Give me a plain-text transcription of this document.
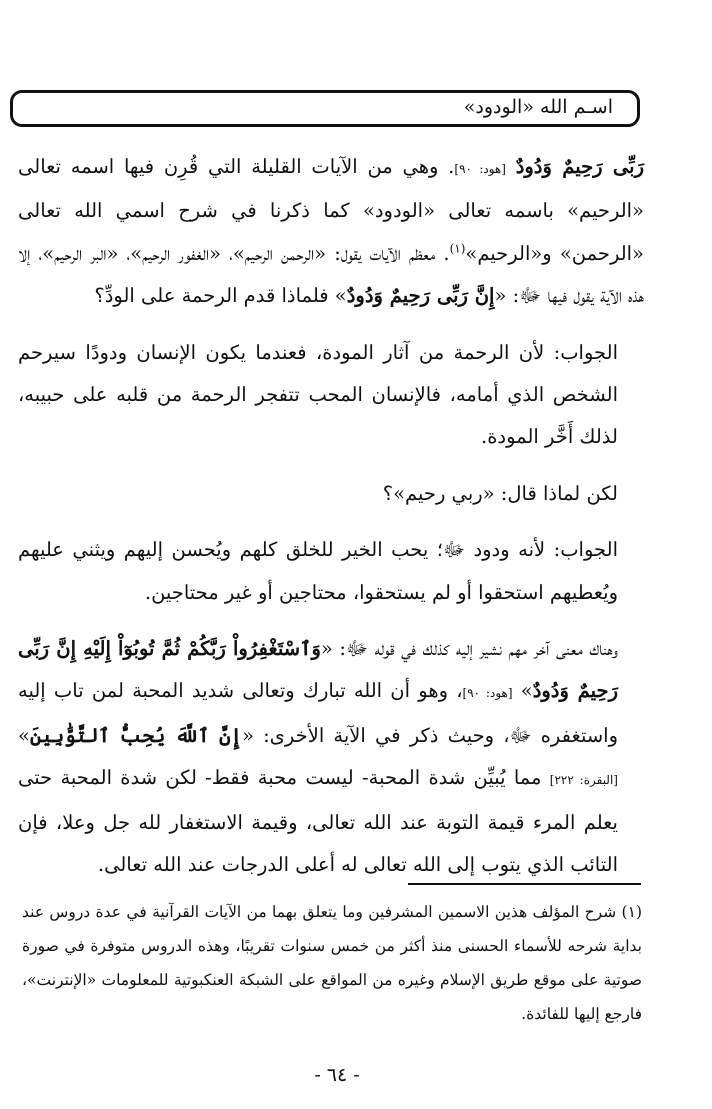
اسـم الله «الودود»

رَبِّى رَحِيمٌ وَدُودٌ [هود: ٩٠]. وهي من الآيات القليلة التي قُرِن فيها اسمه تعالى «الرحيم» باسمه تعالى «الودود» كما ذكرنا في شرح اسمي الله تعالى «الرحمن» و«الرحيم»$^{(١)}$. معظم الآيات يقول: «الرحمن الرحيم»، «الغفور الرحيم»، «البر الرحيم»، إلا هذه الآية يقول فيها ﷻ: «إِنَّ رَبِّى رَحِيمٌ وَدُودٌ» فلماذا قدم الرحمة على الودِّ؟

الجواب: لأن الرحمة من آثار المودة، فعندما يكون الإنسان ودودًا سيرحم الشخص الذي أمامه، فالإنسان المحب تتفجر الرحمة من قلبه على حبيبه، لذلك أَخَّر المودة.

لكن لماذا قال: «ربي رحيم»؟

الجواب: لأنه ودود ﷻ؛ يحب الخير للخلق كلهم ويُحسن إليهم ويثني عليهم ويُعطيهم استحقوا أو لم يستحقوا، محتاجين أو غير محتاجين.

وهناك معنى آخر مهم نشير إليه كذلك في قوله ﷻ: «وَٱسْتَغْفِرُواْ رَبَّكُمْ ثُمَّ تُوبُوٓاْ إِلَيْهِ إِنَّ رَبِّى رَحِيمٌ وَدُودٌ» [هود: ٩٠]، وهو أن الله تبارك وتعالى شديد المحبة لمن تاب إليه واستغفره ﷻ، وحيث ذكر في الآية الأخرى: «إِنَّ ٱللَّهَ يُحِبُّ ٱلتَّوَّٰبِينَ» [البقرة: ٢٢٢] مما يُبيِّن شدة المحبة- ليست محبة فقط- لكن شدة المحبة حتى يعلم المرء قيمة التوبة عند الله تعالى، وقيمة الاستغفار لله جل وعلا، فإن التائب الذي يتوب إلى الله تعالى له أعلى الدرجات عند الله تعالى.

(١) شرح المؤلف هذين الاسمين المشرفين وما يتعلق بهما من الآيات القرآنية في عدة دروس عند بداية شرحه للأسماء الحسنى منذ أكثر من خمس سنوات تقريبًا، وهذه الدروس متوفرة في صورة صوتية على موقع طريق الإسلام وغيره من المواقع على الشبكة العنكبوتية للمعلومات «الإنترنت»، فارجع إليها للفائدة.

- ٦٤ -
